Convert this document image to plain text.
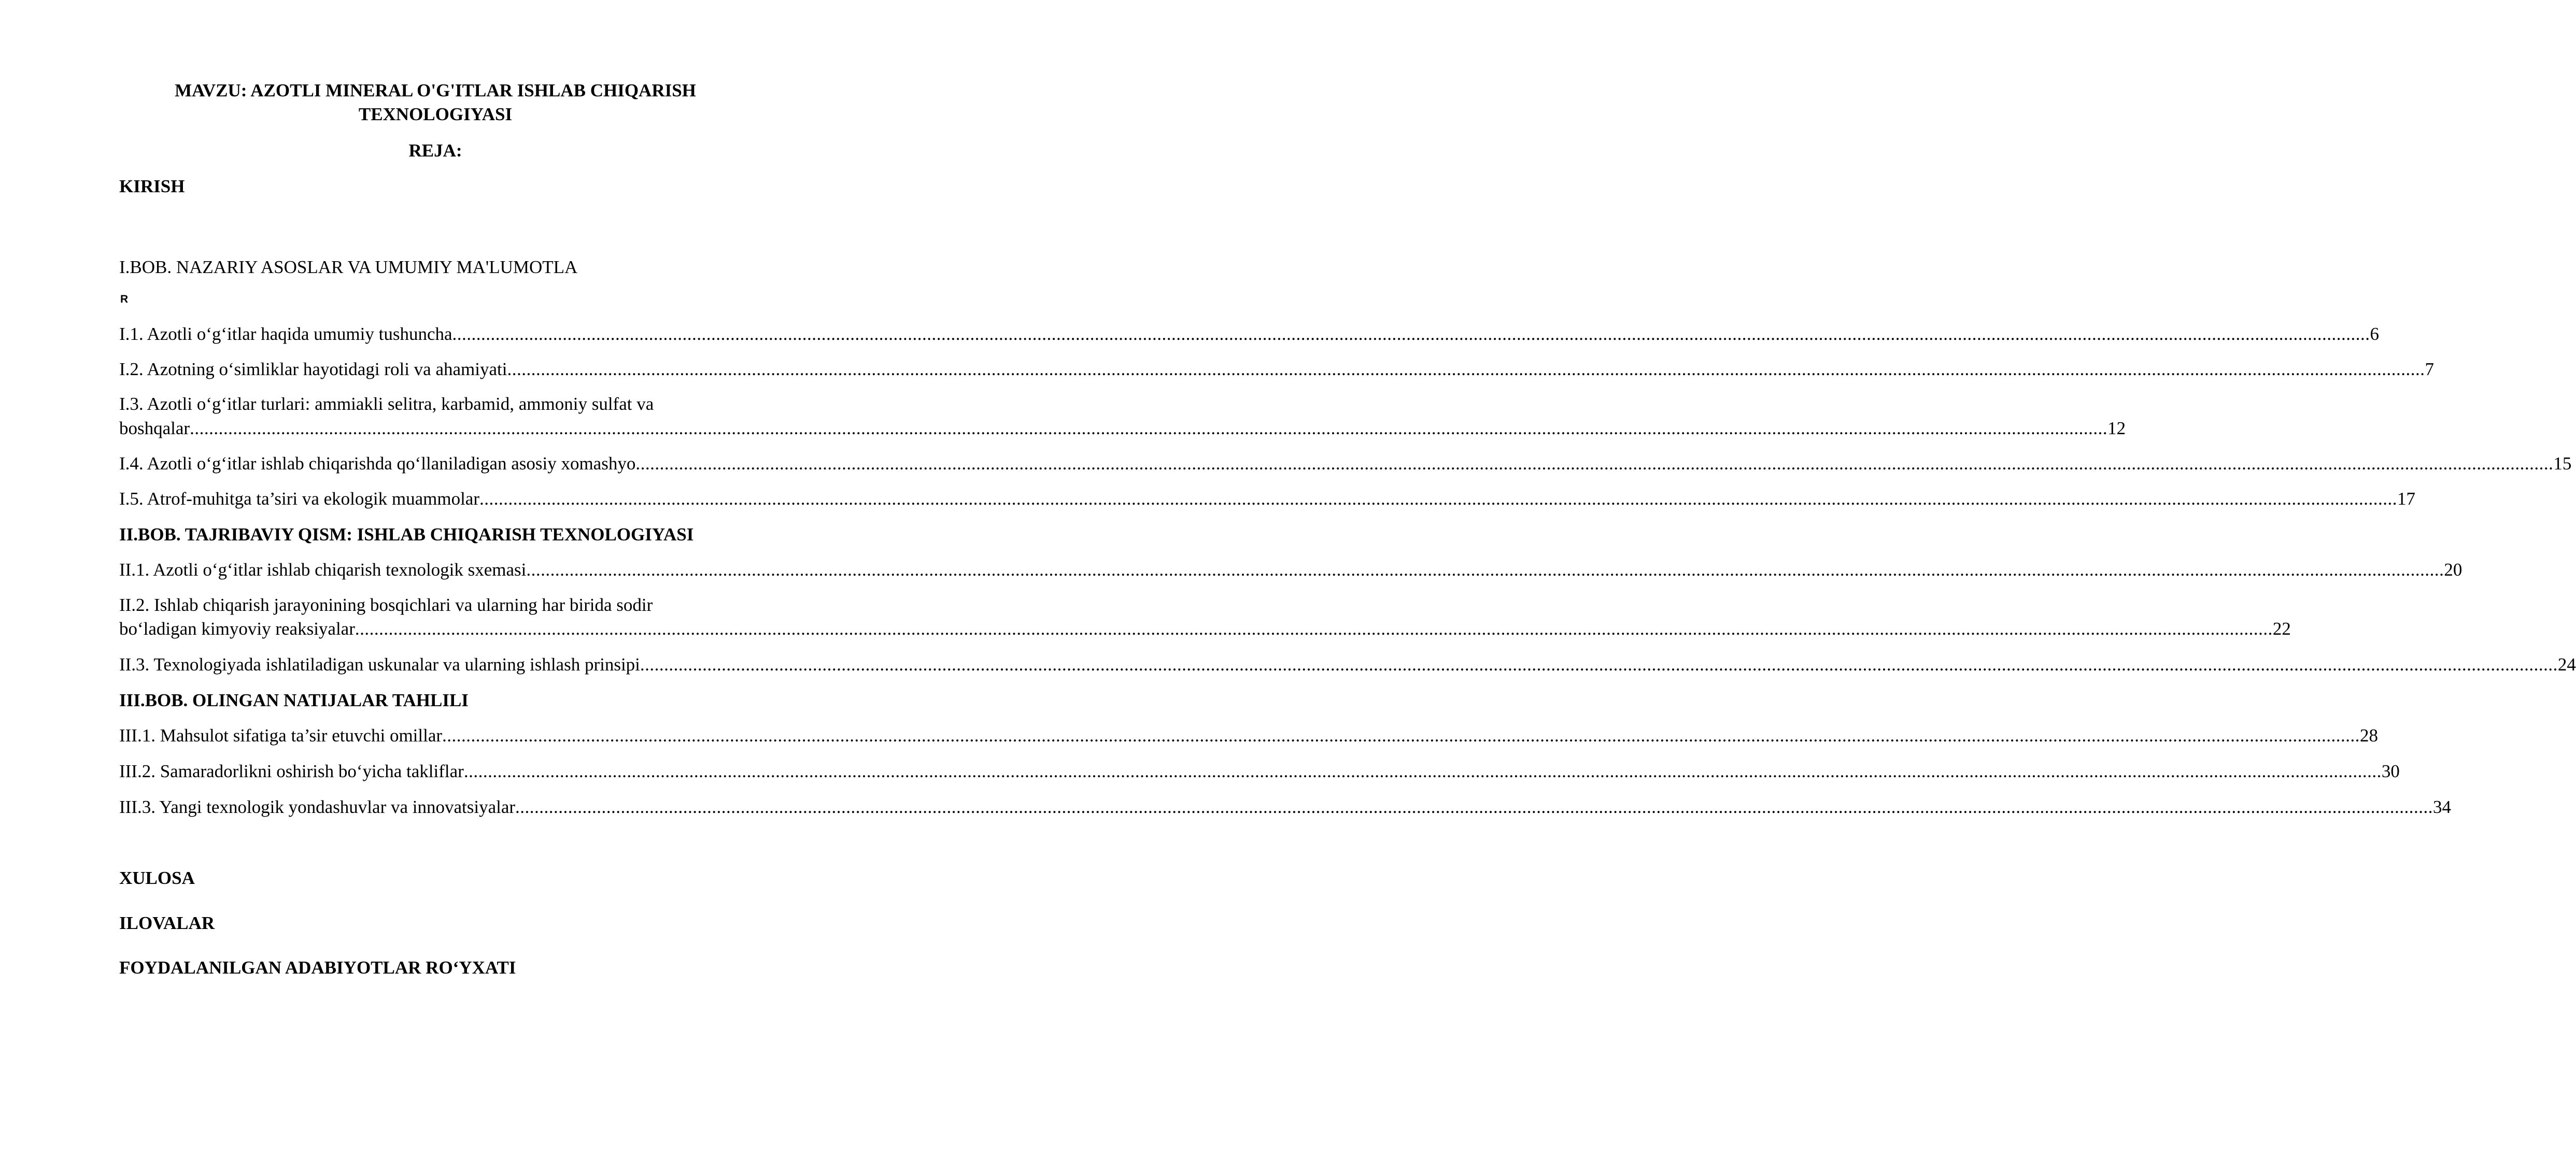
MAVZU: AZOTLI MINERAL O'G'ITLAR ISHLAB CHIQARISH
TEXNOLOGIYASI
REJA:
KIRISH
I.BOB. NAZARIY ASOSLAR VA UMUMIY MA'LUMOTLA
R
I.1. Azotli o‘g‘itlar haqida umumiy tushuncha ................................................................................................................................................................................................................................................................................................................................................................................................................ 6
I.2. Azotning o‘simliklar hayotidagi roli va ahamiyati ................................................................................................................................................................................................................................................................................................................................................................................................................ 7
I.3. Azotli o‘g‘itlar turlari: ammiakli selitra, karbamid, ammoniy sulfat va
boshqalar ................................................................................................................................................................................................................................................................................................................................................................................................................ 12
I.4. Azotli o‘g‘itlar ishlab chiqarishda qo‘llaniladigan asosiy xomashyo ................................................................................................................................................................................................................................................................................................................................................................................................................ 15
I.5. Atrof-muhitga ta’siri va ekologik muammolar ................................................................................................................................................................................................................................................................................................................................................................................................................ 17
II.BOB. TAJRIBAVIY QISM: ISHLAB CHIQARISH TEXNOLOGIYASI
II.1. Azotli o‘g‘itlar ishlab chiqarish texnologik sxemasi ................................................................................................................................................................................................................................................................................................................................................................................................................ 20
II.2. Ishlab chiqarish jarayonining bosqichlari va ularning har birida sodir
bo‘ladigan kimyoviy reaksiyalar ................................................................................................................................................................................................................................................................................................................................................................................................................ 22
II.3. Texnologiyada ishlatiladigan uskunalar va ularning ishlash prinsipi ................................................................................................................................................................................................................................................................................................................................................................................................................ 24
III.BOB. OLINGAN NATIJALAR TAHLILI
III.1. Mahsulot sifatiga ta’sir etuvchi omillar ................................................................................................................................................................................................................................................................................................................................................................................................................ 28
III.2. Samaradorlikni oshirish bo‘yicha takliflar ................................................................................................................................................................................................................................................................................................................................................................................................................ 30
III.3. Yangi texnologik yondashuvlar va innovatsiyalar ................................................................................................................................................................................................................................................................................................................................................................................................................ 34
XULOSA
ILOVALAR
FOYDALANILGAN ADABIYOTLAR RO‘YXATI
